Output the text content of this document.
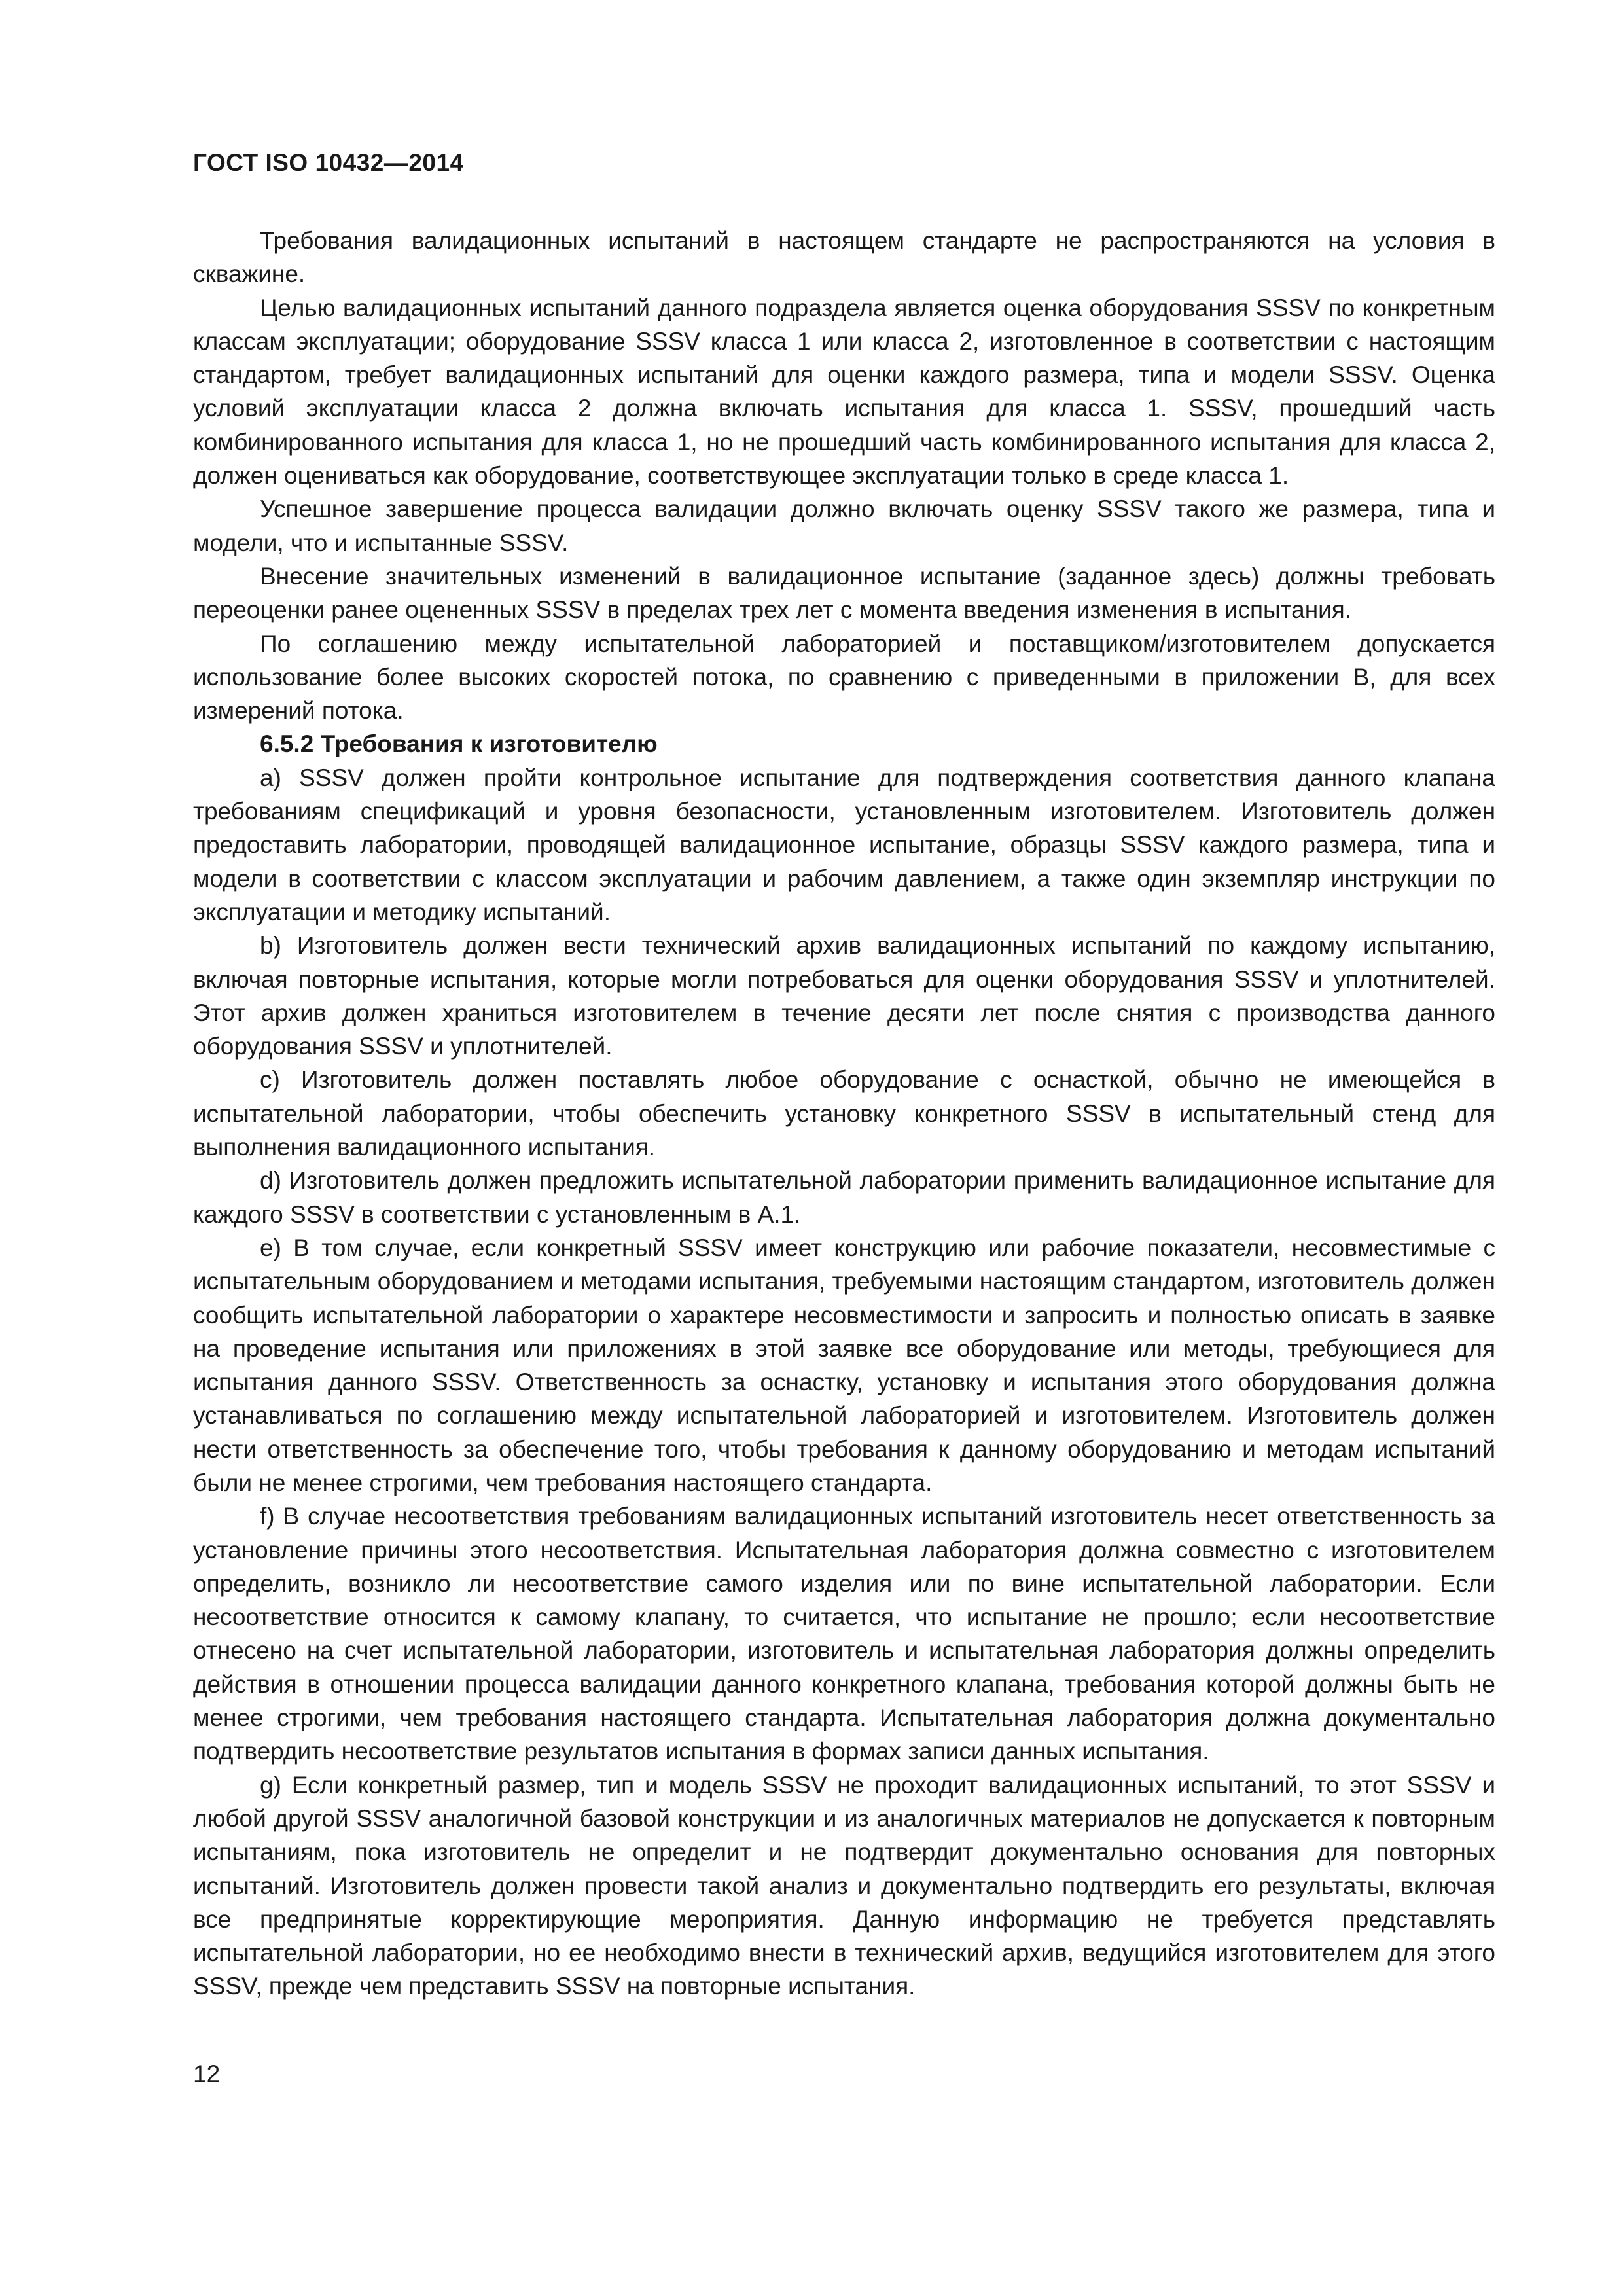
ГОСТ ISO 10432—2014

Требования валидационных испытаний в настоящем стандарте не распространяются на условия в скважине.

Целью валидационных испытаний данного подраздела является оценка оборудования SSSV по конкретным классам эксплуатации; оборудование SSSV класса 1 или класса 2, изготовленное в соответствии с настоящим стандартом, требует валидационных испытаний для оценки каждого размера, типа и модели SSSV. Оценка условий эксплуатации класса 2 должна включать испытания для класса 1. SSSV, прошедший часть комбинированного испытания для класса 1, но не прошедший часть комбинированного испытания для класса 2, должен оцениваться как оборудование, соответствующее эксплуатации только в среде класса 1.

Успешное завершение процесса валидации должно включать оценку SSSV такого же размера, типа и модели, что и испытанные SSSV.

Внесение значительных изменений в валидационное испытание (заданное здесь) должны требовать переоценки ранее оцененных SSSV в пределах трех лет с момента введения изменения в испытания.

По соглашению между испытательной лабораторией и поставщиком/изготовителем допускается использование более высоких скоростей потока, по сравнению с приведенными в приложении В, для всех измерений потока.

6.5.2 Требования к изготовителю

а) SSSV должен пройти контрольное испытание для подтверждения соответствия данного клапана требованиям спецификаций и уровня безопасности, установленным изготовителем. Изготовитель должен предоставить лаборатории, проводящей валидационное испытание, образцы SSSV каждого размера, типа и модели в соответствии с классом эксплуатации и рабочим давлением, а также один экземпляр инструкции по эксплуатации и методику испытаний.

b) Изготовитель должен вести технический архив валидационных испытаний по каждому испытанию, включая повторные испытания, которые могли потребоваться для оценки оборудования SSSV и уплотнителей. Этот архив должен храниться изготовителем в течение десяти лет после снятия с производства данного оборудования SSSV и уплотнителей.

c) Изготовитель должен поставлять любое оборудование с оснасткой, обычно не имеющейся в испытательной лаборатории, чтобы обеспечить установку конкретного SSSV в испытательный стенд для выполнения валидационного испытания.

d) Изготовитель должен предложить испытательной лаборатории применить валидационное испытание для каждого SSSV в соответствии с установленным в А.1.

e) В том случае, если конкретный SSSV имеет конструкцию или рабочие показатели, несовместимые с испытательным оборудованием и методами испытания, требуемыми настоящим стандартом, изготовитель должен сообщить испытательной лаборатории о характере несовместимости и запросить и полностью описать в заявке на проведение испытания или приложениях в этой заявке все оборудование или методы, требующиеся для испытания данного SSSV. Ответственность за оснастку, установку и испытания этого оборудования должна устанавливаться по соглашению между испытательной лабораторией и изготовителем. Изготовитель должен нести ответственность за обеспечение того, чтобы требования к данному оборудованию и методам испытаний были не менее строгими, чем требования настоящего стандарта.

f) В случае несоответствия требованиям валидационных испытаний изготовитель несет ответственность за установление причины этого несоответствия. Испытательная лаборатория должна совместно с изготовителем определить, возникло ли несоответствие самого изделия или по вине испытательной лаборатории. Если несоответствие относится к самому клапану, то считается, что испытание не прошло; если несоответствие отнесено на счет испытательной лаборатории, изготовитель и испытательная лаборатория должны определить действия в отношении процесса валидации данного конкретного клапана, требования которой должны быть не менее строгими, чем требования настоящего стандарта. Испытательная лаборатория должна документально подтвердить несоответствие результатов испытания в формах записи данных испытания.

g) Если конкретный размер, тип и модель SSSV не проходит валидационных испытаний, то этот SSSV и любой другой SSSV аналогичной базовой конструкции и из аналогичных материалов не допускается к повторным испытаниям, пока изготовитель не определит и не подтвердит документально основания для повторных испытаний. Изготовитель должен провести такой анализ и документально подтвердить его результаты, включая все предпринятые корректирующие мероприятия. Данную информацию не требуется представлять испытательной лаборатории, но ее необходимо внести в технический архив, ведущийся изготовителем для этого SSSV, прежде чем представить SSSV на повторные испытания.

12
